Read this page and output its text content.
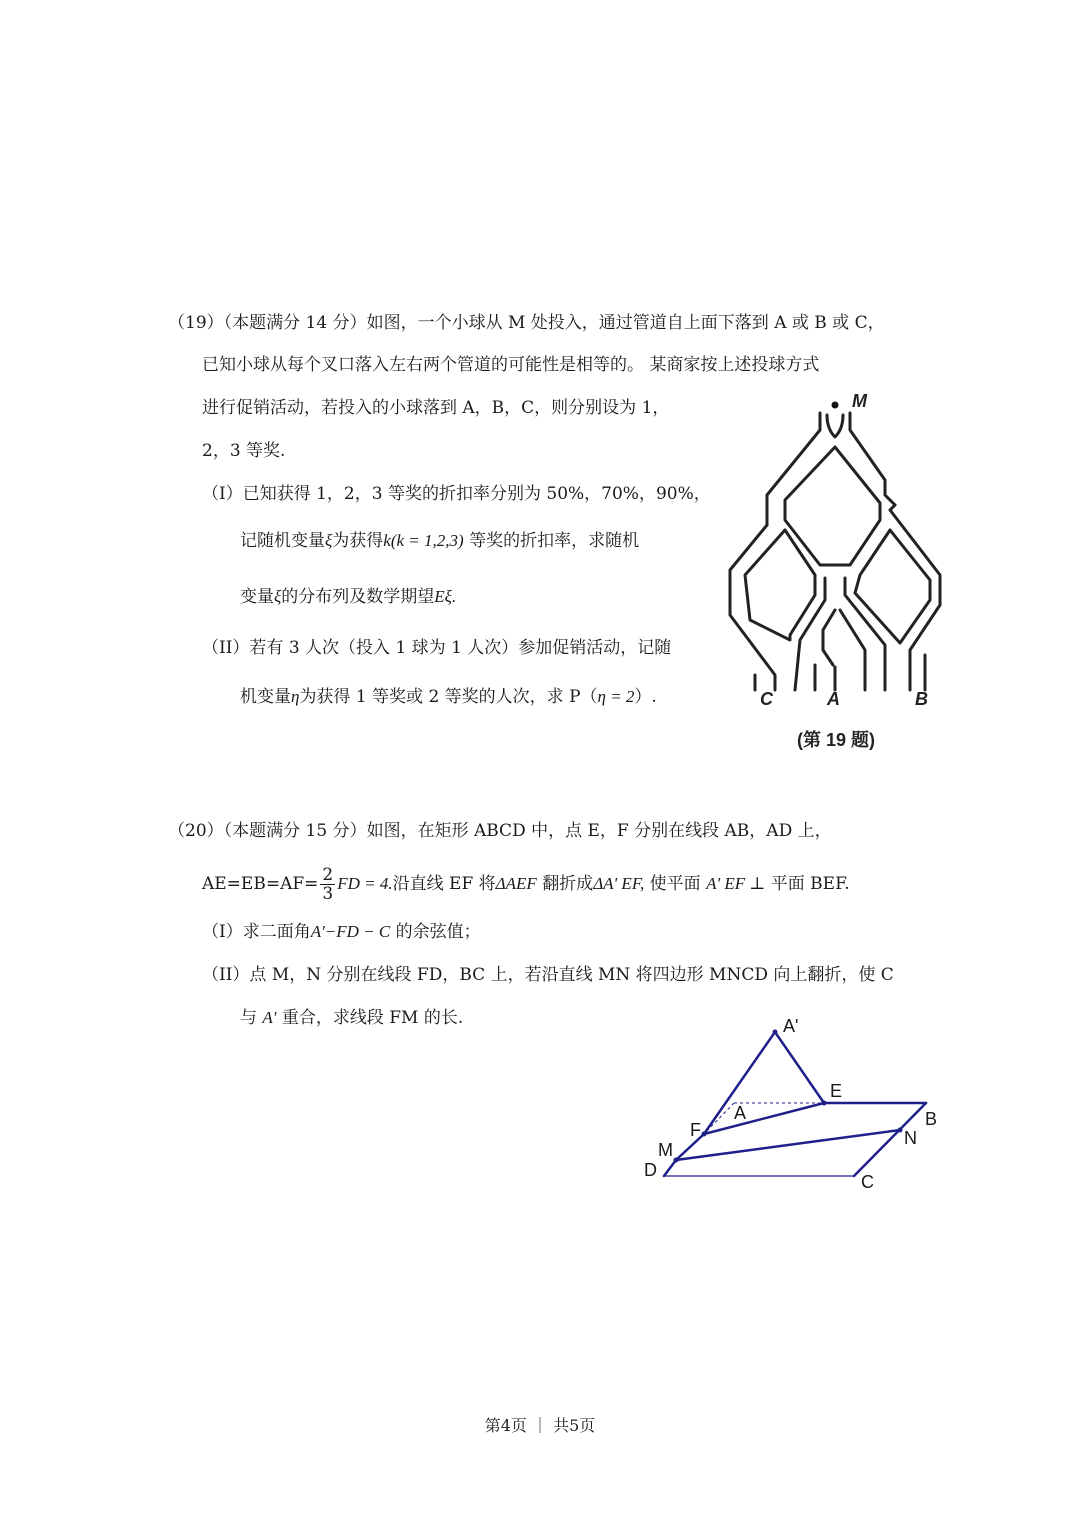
（19）（本题满分 14 分）如图，一个小球从 M 处投入，通过管道自上面下落到 A 或 B 或 C，
已知小球从每个叉口落入左右两个管道的可能性是相等的。 某商家按上述投球方式
进行促销活动，若投入的小球落到 A，B，C，则分别设为 1，
2，3 等奖.
（I）已知获得 1，2，3 等奖的折扣率分别为 50%，70%，90%，
记随机变量ξ为获得k(k = 1,2,3) 等奖的折扣率，求随机
变量ξ的分布列及数学期望Eξ.
（II）若有 3 人次（投入 1 球为 1 人次）参加促销活动，记随
机变量η为获得 1 等奖或 2 等奖的人次，求 P（η = 2）.
M
C	A	B
(第 19 题)
（20）（本题满分 15 分）如图，在矩形 ABCD 中，点 E，F 分别在线段 AB，AD 上，
$AE=EB=AF= \frac{2}{3}$ FD = 4.沿直线 EF 将ΔAEF 翻折成ΔA' EF, 使平面 A' EF ⊥ 平面 BEF.
（I）求二面角A'−FD − C 的余弦值；
（II）点 M，N 分别在线段 FD，BC 上，若沿直线 MN 将四边形 MNCD 向上翻折，使 C
与 A' 重合，求线段 FM 的长.	A'
E
A	B
F	N
M
D
C
第4页 ｜ 共5页
